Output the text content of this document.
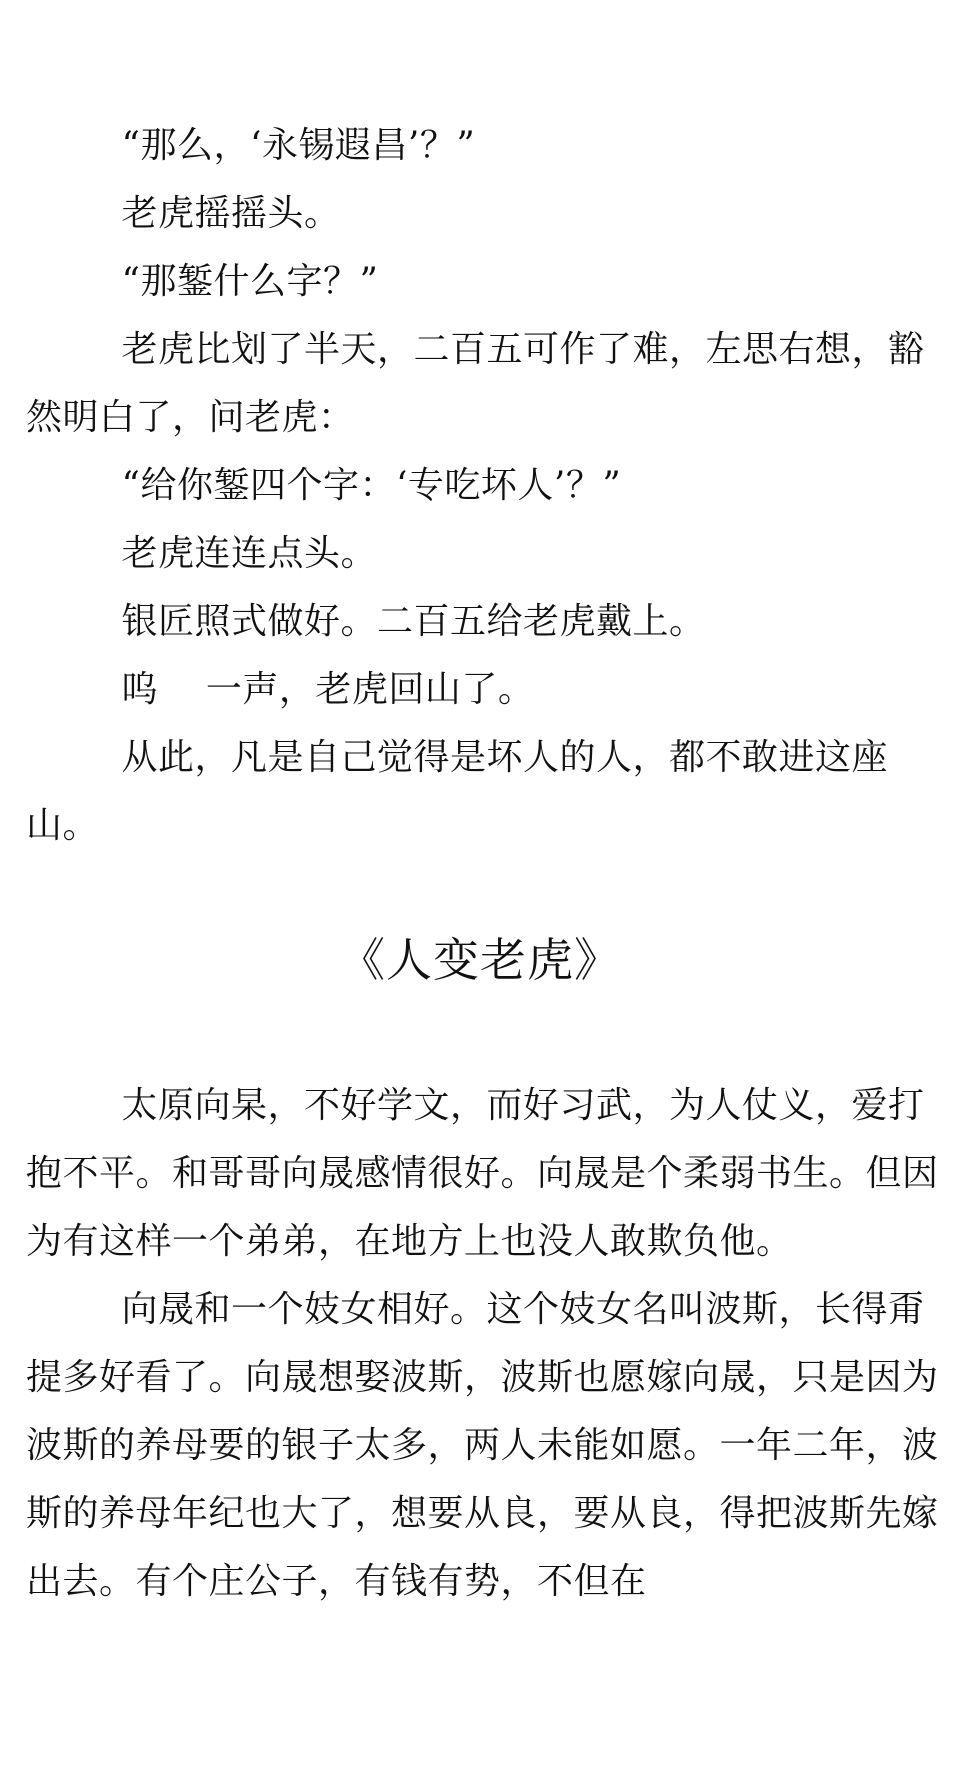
“那么，‘永锡遐昌’？”

老虎摇摇头。

“那錾什么字？”

老虎比划了半天，二百五可作了难，左思右想，豁然明白了，问老虎：

“给你錾四个字：‘专吃坏人’？”

老虎连连点头。

银匠照式做好。二百五给老虎戴上。

呜    一声，老虎回山了。

从此，凡是自己觉得是坏人的人，都不敢进这座山。

《人变老虎》

太原向杲，不好学文，而好习武，为人仗义，爱打抱不平。和哥哥向晟感情很好。向晟是个柔弱书生。但因为有这样一个弟弟，在地方上也没人敢欺负他。

向晟和一个妓女相好。这个妓女名叫波斯，长得甭提多好看了。向晟想娶波斯，波斯也愿嫁向晟，只是因为波斯的养母要的银子太多，两人未能如愿。一年二年，波斯的养母年纪也大了，想要从良，要从良，得把波斯先嫁出去。有个庄公子，有钱有势，不但在
